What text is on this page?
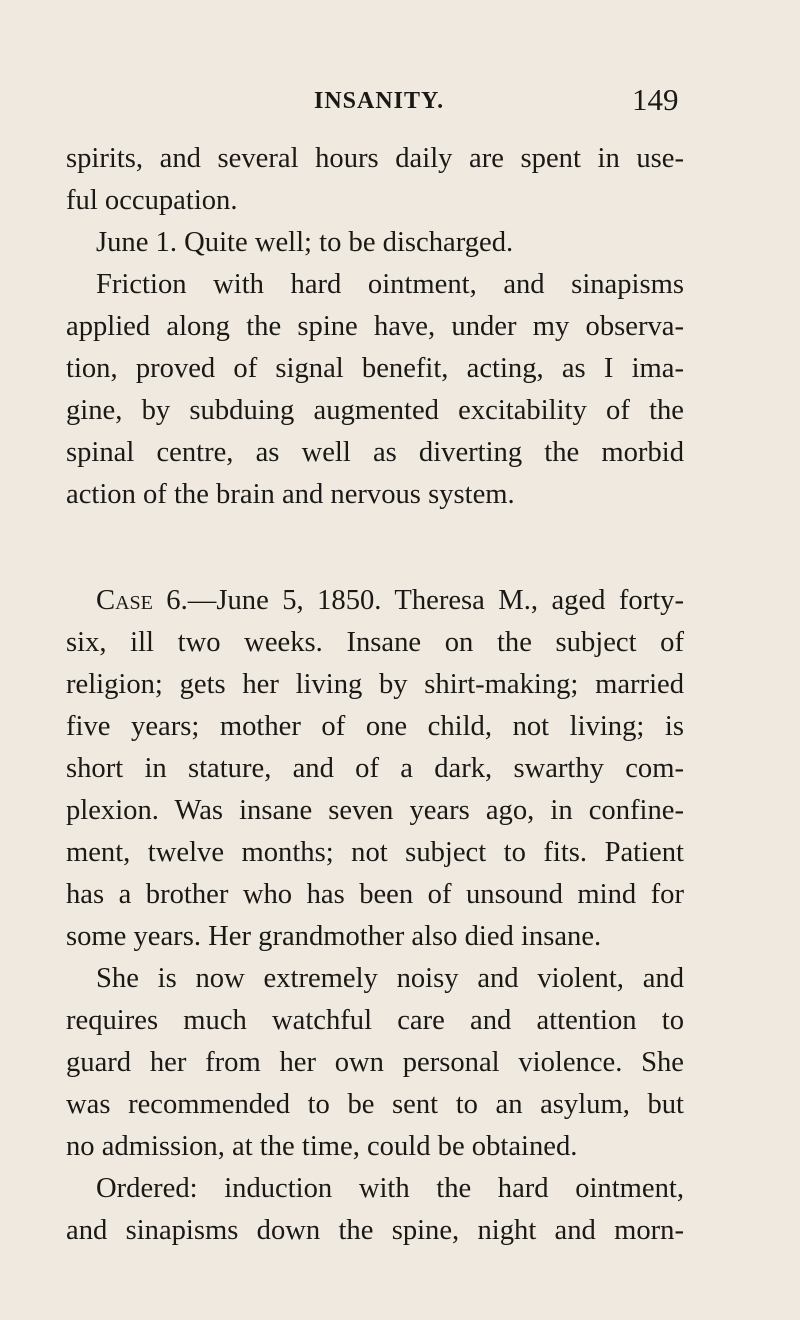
INSANITY.	149
spirits, and several hours daily are spent in use-
ful occupation.
June 1. Quite well; to be discharged.
Friction with hard ointment, and sinapisms
applied along the spine have, under my observa-
tion, proved of signal benefit, acting, as I ima-
gine, by subduing augmented excitability of the
spinal centre, as well as diverting the morbid
action of the brain and nervous system.
Case 6.—June 5, 1850. Theresa M., aged forty-
six, ill two weeks. Insane on the subject of
religion; gets her living by shirt-making; married
five years; mother of one child, not living; is
short in stature, and of a dark, swarthy com-
plexion. Was insane seven years ago, in confine-
ment, twelve months; not subject to fits. Patient
has a brother who has been of unsound mind for
some years. Her grandmother also died insane.
She is now extremely noisy and violent, and
requires much watchful care and attention to
guard her from her own personal violence. She
was recommended to be sent to an asylum, but
no admission, at the time, could be obtained.
Ordered: induction with the hard ointment,
and sinapisms down the spine, night and morn-
